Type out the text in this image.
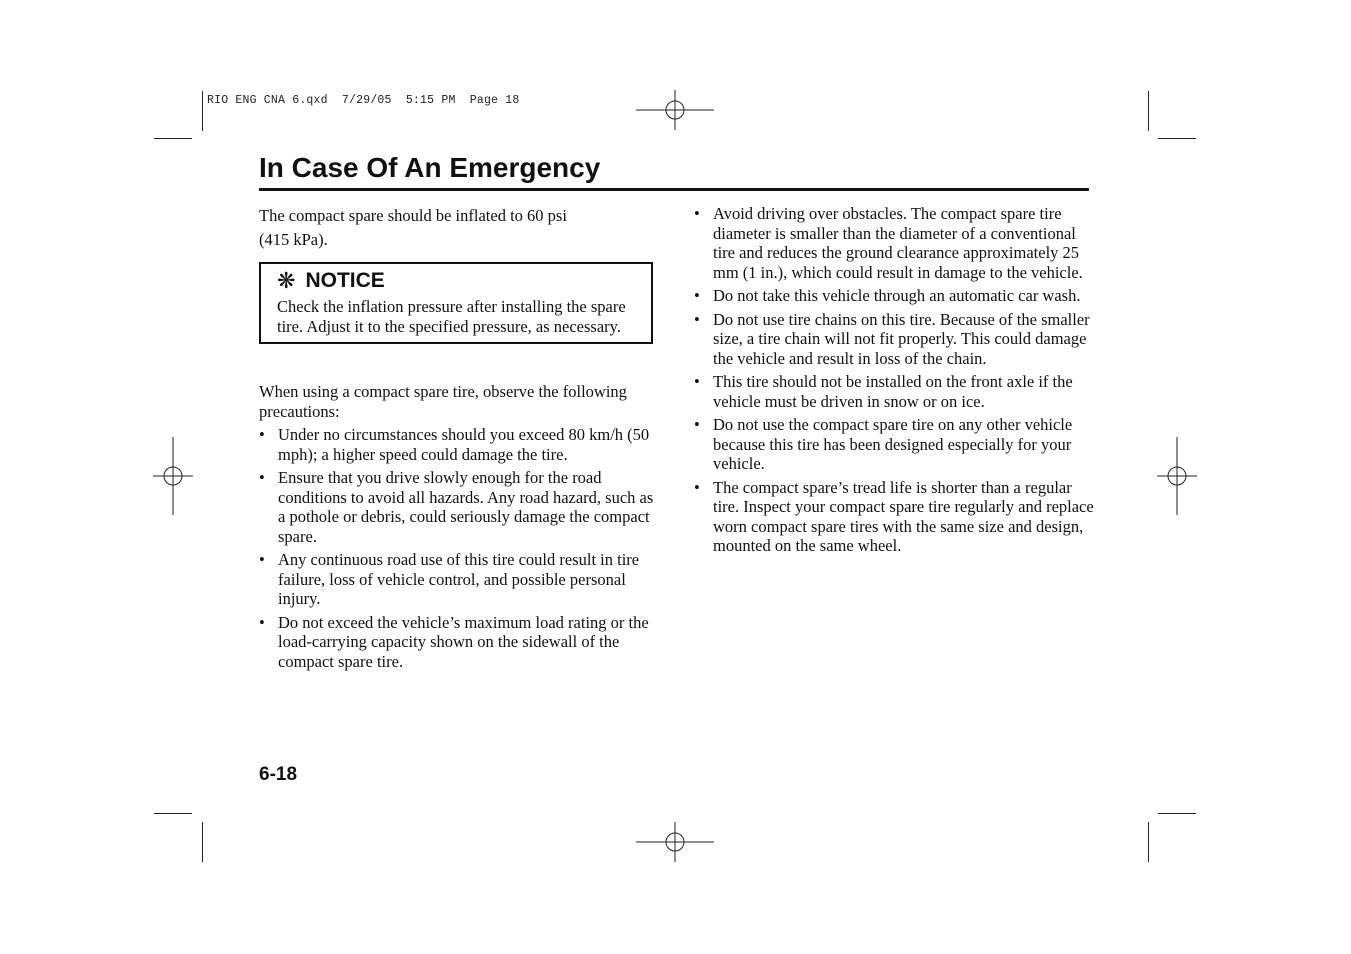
RIO ENG CNA 6.qxd  7/29/05  5:15 PM  Page 18
In Case Of An Emergency

The compact spare should be inflated to 60 psi
(415 kPa).

❋ NOTICE

Check the inflation pressure after installing the spare tire. Adjust it to the specified pressure, as necessary.

When using a compact spare tire, observe the following precautions:

• Under no circumstances should you exceed 80 km/h (50 mph); a higher speed could damage the tire.
• Ensure that you drive slowly enough for the road conditions to avoid all hazards. Any road hazard, such as a pothole or debris, could seriously damage the compact spare.
• Any continuous road use of this tire could result in tire failure, loss of vehicle control, and possible personal injury.
• Do not exceed the vehicle’s maximum load rating or the load-carrying capacity shown on the sidewall of the compact spare tire.
• Avoid driving over obstacles. The compact spare tire diameter is smaller than the diameter of a conventional tire and reduces the ground clearance approximately 25 mm (1 in.), which could result in damage to the vehicle.
• Do not take this vehicle through an automatic car wash.
• Do not use tire chains on this tire. Because of the smaller size, a tire chain will not fit properly. This could damage the vehicle and result in loss of the chain.
• This tire should not be installed on the front axle if the vehicle must be driven in snow or on ice.
• Do not use the compact spare tire on any other vehicle because this tire has been designed especially for your vehicle.
• The compact spare’s tread life is shorter than a regular tire. Inspect your compact spare tire regularly and replace worn compact spare tires with the same size and design, mounted on the same wheel.
6-18
